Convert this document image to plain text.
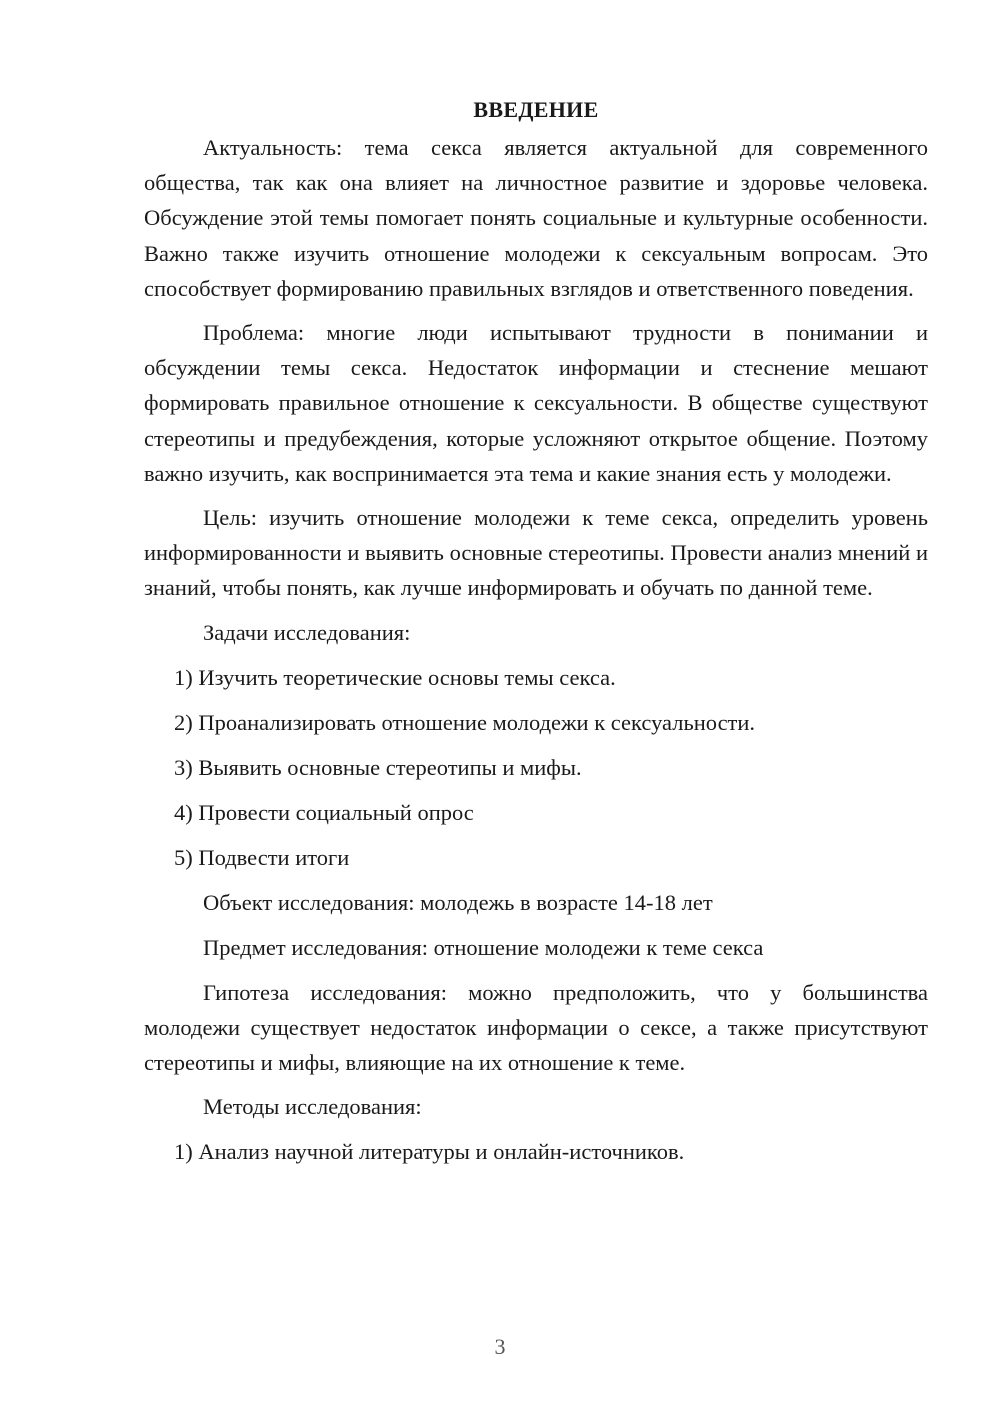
ВВЕДЕНИЕ

Актуальность: тема секса является актуальной для современного общества, так как она влияет на личностное развитие и здоровье человека. Обсуждение этой темы помогает понять социальные и культурные особенности. Важно также изучить отношение молодежи к сексуальным вопросам. Это способствует формированию правильных взглядов и ответственного поведения.

Проблема: многие люди испытывают трудности в понимании и обсуждении темы секса. Недостаток информации и стеснение мешают формировать правильное отношение к сексуальности. В обществе существуют стереотипы и предубеждения, которые усложняют открытое общение. Поэтому важно изучить, как воспринимается эта тема и какие знания есть у молодежи.

Цель: изучить отношение молодежи к теме секса, определить уровень информированности и выявить основные стереотипы. Провести анализ мнений и знаний, чтобы понять, как лучше информировать и обучать по данной теме.

Задачи исследования:
1) Изучить теоретические основы темы секса.
2) Проанализировать отношение молодежи к сексуальности.
3) Выявить основные стереотипы и мифы.
4) Провести социальный опрос
5) Подвести итоги
Объект исследования: молодежь в возрасте 14-18 лет
Предмет исследования: отношение молодежи к теме секса

Гипотеза исследования: можно предположить, что у большинства молодежи существует недостаток информации о сексе, а также присутствуют стереотипы и мифы, влияющие на их отношение к теме.

Методы исследования:
1) Анализ научной литературы и онлайн-источников.
3
